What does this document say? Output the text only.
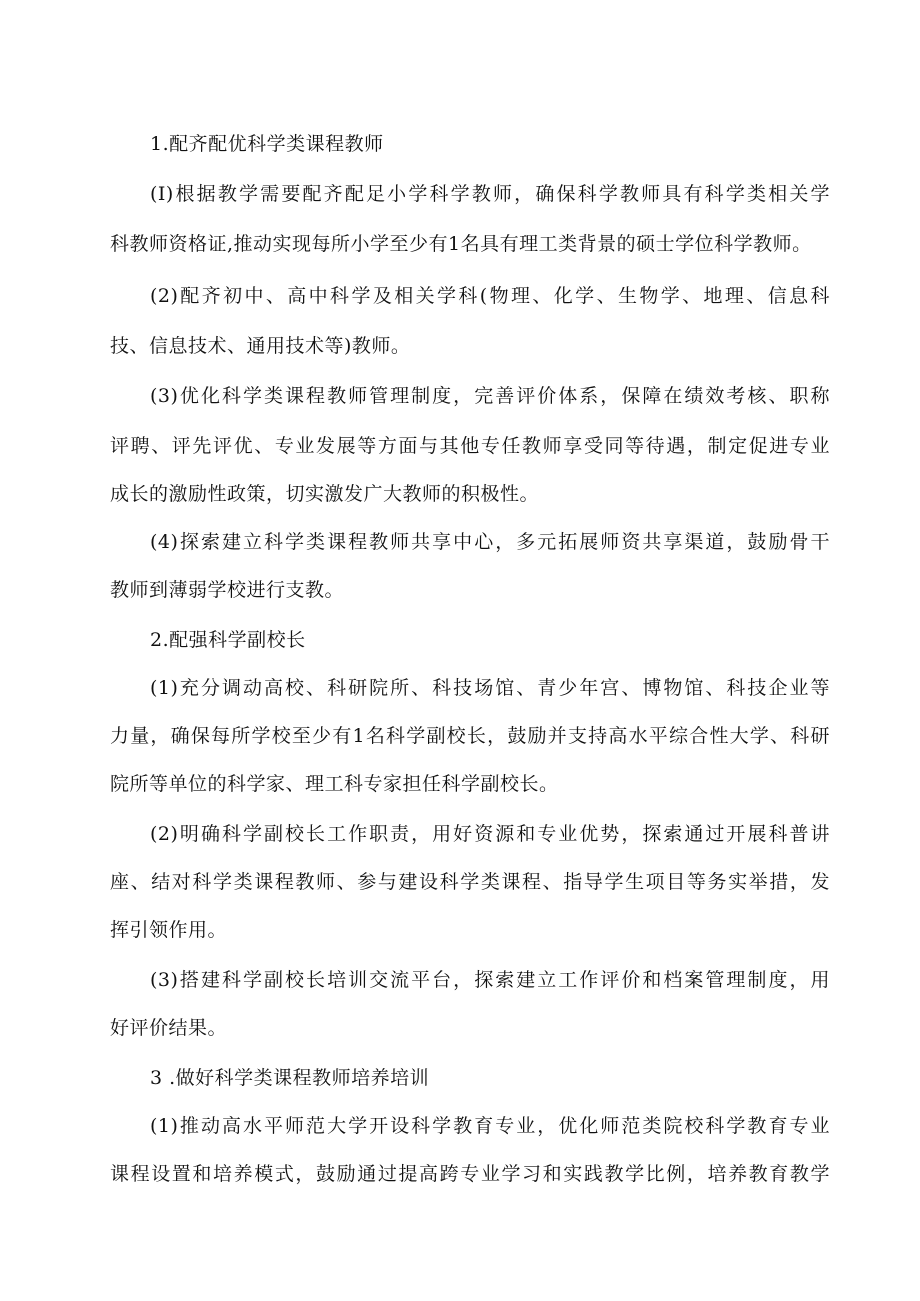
1.配齐配优科学类课程教师
(I)根据教学需要配齐配足小学科学教师，确保科学教师具有科学类相关学
科教师资格证,推动实现每所小学至少有1名具有理工类背景的硕士学位科学教师。
(2)配齐初中、高中科学及相关学科(物理、化学、生物学、地理、信息科
技、信息技术、通用技术等)教师。
(3)优化科学类课程教师管理制度，完善评价体系，保障在绩效考核、职称
评聘、评先评优、专业发展等方面与其他专任教师享受同等待遇，制定促进专业
成长的激励性政策，切实激发广大教师的积极性。
(4)探索建立科学类课程教师共享中心，多元拓展师资共享渠道，鼓励骨干
教师到薄弱学校进行支教。
2.配强科学副校长
(1)充分调动高校、科研院所、科技场馆、青少年宫、博物馆、科技企业等
力量，确保每所学校至少有1名科学副校长，鼓励并支持高水平综合性大学、科研
院所等单位的科学家、理工科专家担任科学副校长。
(2)明确科学副校长工作职责，用好资源和专业优势，探索通过开展科普讲
座、结对科学类课程教师、参与建设科学类课程、指导学生项目等务实举措，发
挥引领作用。
(3)搭建科学副校长培训交流平台，探索建立工作评价和档案管理制度，用
好评价结果。
3 .做好科学类课程教师培养培训
(1)推动高水平师范大学开设科学教育专业，优化师范类院校科学教育专业
课程设置和培养模式，鼓励通过提高跨专业学习和实践教学比例，培养教育教学
